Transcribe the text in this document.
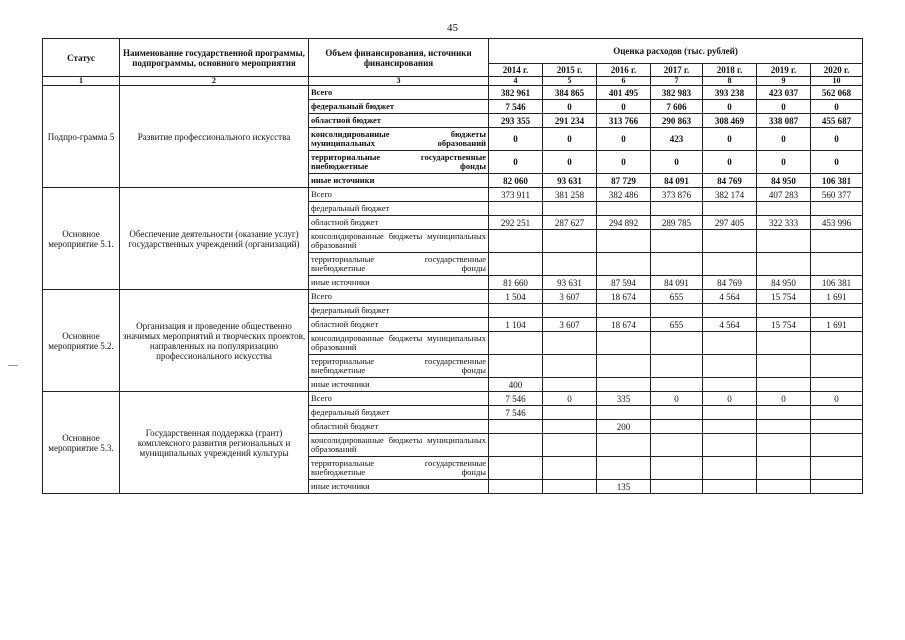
45
Статус	Наименование государственной программы, подпрограммы, основного мероприятия	Объем финансирования, источники финансирования	Оценка расходов (тыс. рублей)						
			2014 г.	2015 г.	2016 г.	2017 г.	2018 г.	2019 г.	2020 г.
1	2	3	4	5	6	7	8	9	10
Подпро-грамма 5	Развитие профессионального искусства	Всего	382 961	384 865	401 495	382 983	393 238	423 037	562 068
		федеральный бюджет	7 546	0	0	7 606	0	0	0
		областной бюджет	293 355	291 234	313 766	290 863	308 469	338 087	455 687
		консолидированные бюджеты муниципальных образований	0	0	0	423	0	0	0
		территориальные государственные внебюджетные фонды	0	0	0	0	0	0	0
		иные источники	82 060	93 631	87 729	84 091	84 769	84 950	106 381
Основное мероприятие 5.1.	Обеспечение деятельности (оказание услуг) государственных учреждений (организаций)	Всего	373 911	381 258	382 486	373 876	382 174	407 283	560 377
		федеральный бюджет							
		областной бюджет	292 251	287 627	294 892	289 785	297 405	322 333	453 996
		консолидированные бюджеты муниципальных образований							
		территориальные государственные внебюджетные фонды							
		иные источники	81 660	93 631	87 594	84 091	84 769	84 950	106 381
Основное мероприятие 5.2.	Организация и проведение общественно значимых мероприятий и творческих проектов, направленных на популяризацию профессионального искусства	Всего	1 504	3 607	18 674	655	4 564	15 754	1 691
		федеральный бюджет							
		областной бюджет	1 104	3 607	18 674	655	4 564	15 754	1 691
		консолидированные бюджеты муниципальных образований							
		территориальные государственные внебюджетные фонды							
		иные источники	400						
Основное мероприятие 5.3.	Государственная поддержка (грант) комплексного развития региональных и муниципальных учреждений культуры	Всего	7 546	0	335	0	0	0	0
		федеральный бюджет	7 546						
		областной бюджет			200				
		консолидированные бюджеты муниципальных образований							
		территориальные государственные внебюджетные фонды							
		иные источники			135				
